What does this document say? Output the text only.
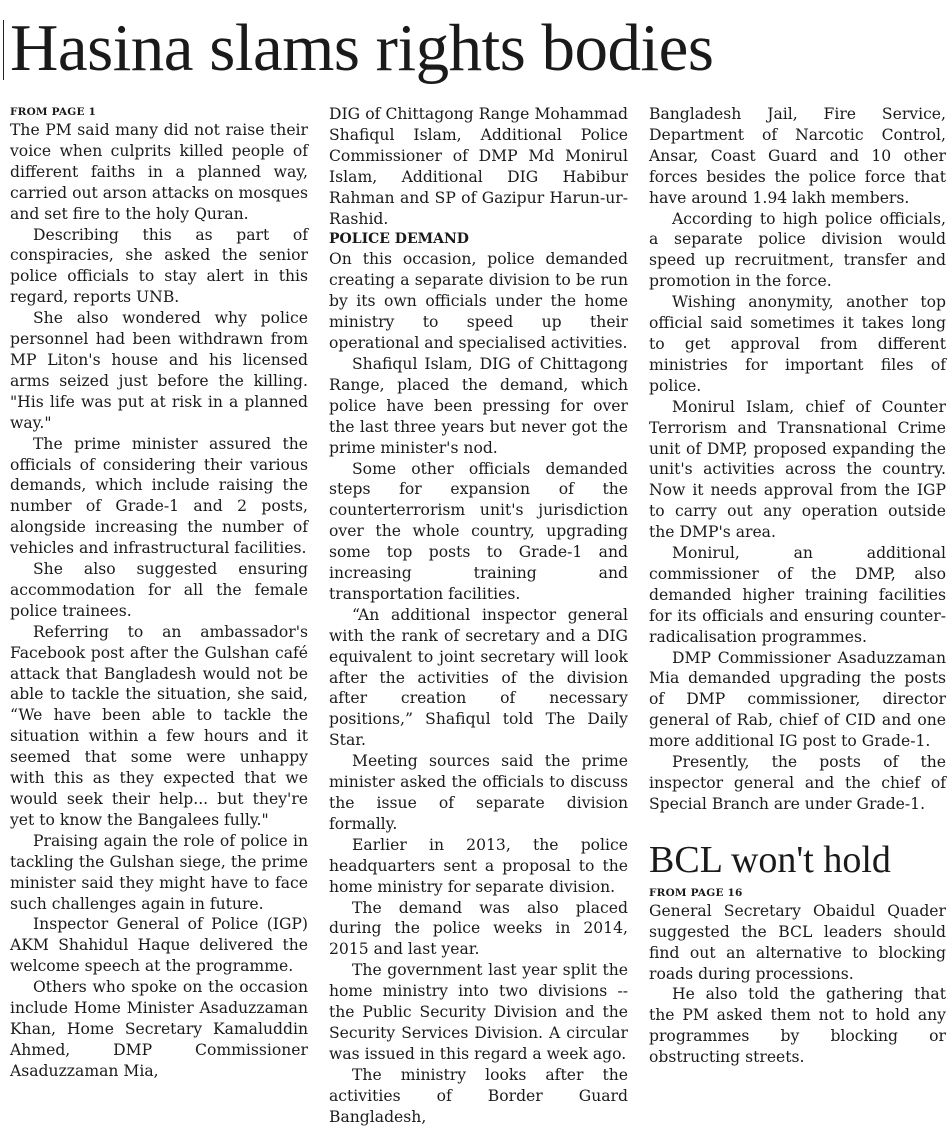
Hasina slams rights bodies
FROM PAGE 1

The PM said many did not raise their voice when culprits killed people of different faiths in a planned way, carried out arson attacks on mosques and set fire to the holy Quran.

Describing this as part of conspiracies, she asked the senior police officials to stay alert in this regard, reports UNB.

She also wondered why police personnel had been withdrawn from MP Liton's house and his licensed arms seized just before the killing. "His life was put at risk in a planned way."

The prime minister assured the officials of considering their various demands, which include raising the number of Grade-1 and 2 posts, alongside increasing the number of vehicles and infrastructural facilities.

She also suggested ensuring accommodation for all the female police trainees.

Referring to an ambassador's Facebook post after the Gulshan café attack that Bangladesh would not be able to tackle the situation, she said, “We have been able to tackle the situation within a few hours and it seemed that some were unhappy with this as they expected that we would seek their help... but they're yet to know the Bangalees fully."

Praising again the role of police in tackling the Gulshan siege, the prime minister said they might have to face such challenges again in future.

Inspector General of Police (IGP) AKM Shahidul Haque delivered the welcome speech at the programme.

Others who spoke on the occasion include Home Minister Asaduzzaman Khan, Home Secretary Kamaluddin Ahmed, DMP Commissioner Asaduzzaman Mia,

DIG of Chittagong Range Mohammad Shafiqul Islam, Additional Police Commissioner of DMP Md Monirul Islam, Additional DIG Habibur Rahman and SP of Gazipur Harun-ur-Rashid.

POLICE DEMAND

On this occasion, police demanded creating a separate division to be run by its own officials under the home ministry to speed up their operational and specialised activities.

Shafiqul Islam, DIG of Chittagong Range, placed the demand, which police have been pressing for over the last three years but never got the prime minister's nod.

Some other officials demanded steps for expansion of the counterterrorism unit's jurisdiction over the whole country, upgrading some top posts to Grade-1 and increasing training and transportation facilities.

“An additional inspector general with the rank of secretary and a DIG equivalent to joint secretary will look after the activities of the division after creation of necessary positions,” Shafiqul told The Daily Star.

Meeting sources said the prime minister asked the officials to discuss the issue of separate division formally.

Earlier in 2013, the police headquarters sent a proposal to the home ministry for separate division.

The demand was also placed during the police weeks in 2014, 2015 and last year.

The government last year split the home ministry into two divisions -- the Public Security Division and the Security Services Division. A circular was issued in this regard a week ago.

The ministry looks after the activities of Border Guard Bangladesh,

Bangladesh Jail, Fire Service, Department of Narcotic Control, Ansar, Coast Guard and 10 other forces besides the police force that have around 1.94 lakh members.

According to high police officials, a separate police division would speed up recruitment, transfer and promotion in the force.

Wishing anonymity, another top official said sometimes it takes long to get approval from different ministries for important files of police.

Monirul Islam, chief of Counter Terrorism and Transnational Crime unit of DMP, proposed expanding the unit's activities across the country. Now it needs approval from the IGP to carry out any operation outside the DMP's area.

Monirul, an additional commissioner of the DMP, also demanded higher training facilities for its officials and ensuring counter-radicalisation programmes.

DMP Commissioner Asaduzzaman Mia demanded upgrading the posts of DMP commissioner, director general of Rab, chief of CID and one more additional IG post to Grade-1.

Presently, the posts of the inspector general and the chief of Special Branch are under Grade-1.

BCL won't hold
FROM PAGE 16

General Secretary Obaidul Quader suggested the BCL leaders should find out an alternative to blocking roads during processions.

He also told the gathering that the PM asked them not to hold any programmes by blocking or obstructing streets.
